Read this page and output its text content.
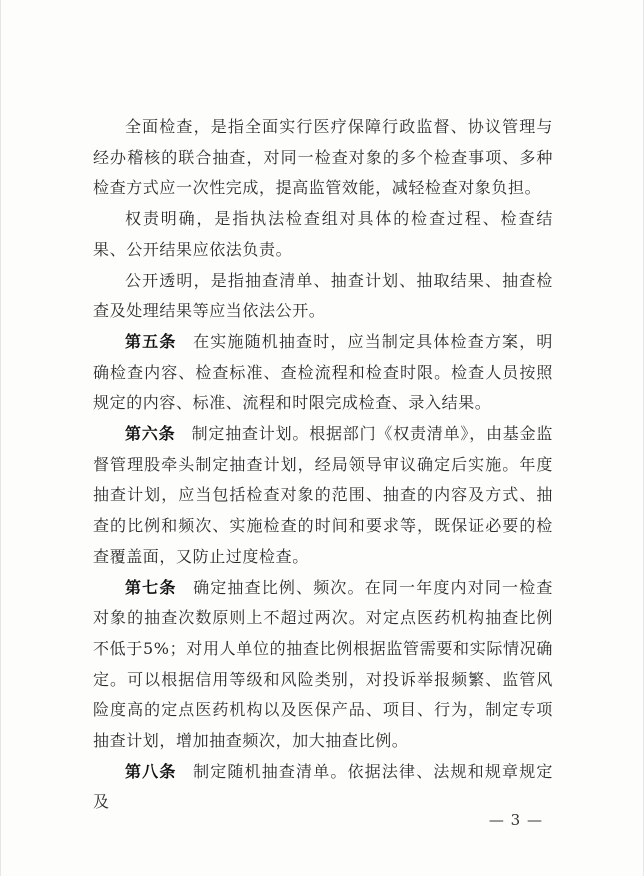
全面检查，是指全面实行医疗保障行政监督、协议管理与经办稽核的联合抽查，对同一检查对象的多个检查事项、多种检查方式应一次性完成，提高监管效能，减轻检查对象负担。

权责明确，是指执法检查组对具体的检查过程、检查结果、公开结果应依法负责。

公开透明，是指抽查清单、抽查计划、抽取结果、抽查检查及处理结果等应当依法公开。

第五条 在实施随机抽查时，应当制定具体检查方案，明确检查内容、检查标准、查检流程和检查时限。检查人员按照规定的内容、标准、流程和时限完成检查、录入结果。

第六条 制定抽查计划。根据部门《权责清单》，由基金监督管理股牵头制定抽查计划，经局领导审议确定后实施。年度抽查计划，应当包括检查对象的范围、抽查的内容及方式、抽查的比例和频次、实施检查的时间和要求等，既保证必要的检查覆盖面，又防止过度检查。

第七条 确定抽查比例、频次。在同一年度内对同一检查对象的抽查次数原则上不超过两次。对定点医药机构抽查比例不低于5%；对用人单位的抽查比例根据监管需要和实际情况确定。可以根据信用等级和风险类别，对投诉举报频繁、监管风险度高的定点医药机构以及医保产品、项目、行为，制定专项抽查计划，增加抽查频次，加大抽查比例。

第八条 制定随机抽查清单。依据法律、法规和规章规定及

— 3 —
